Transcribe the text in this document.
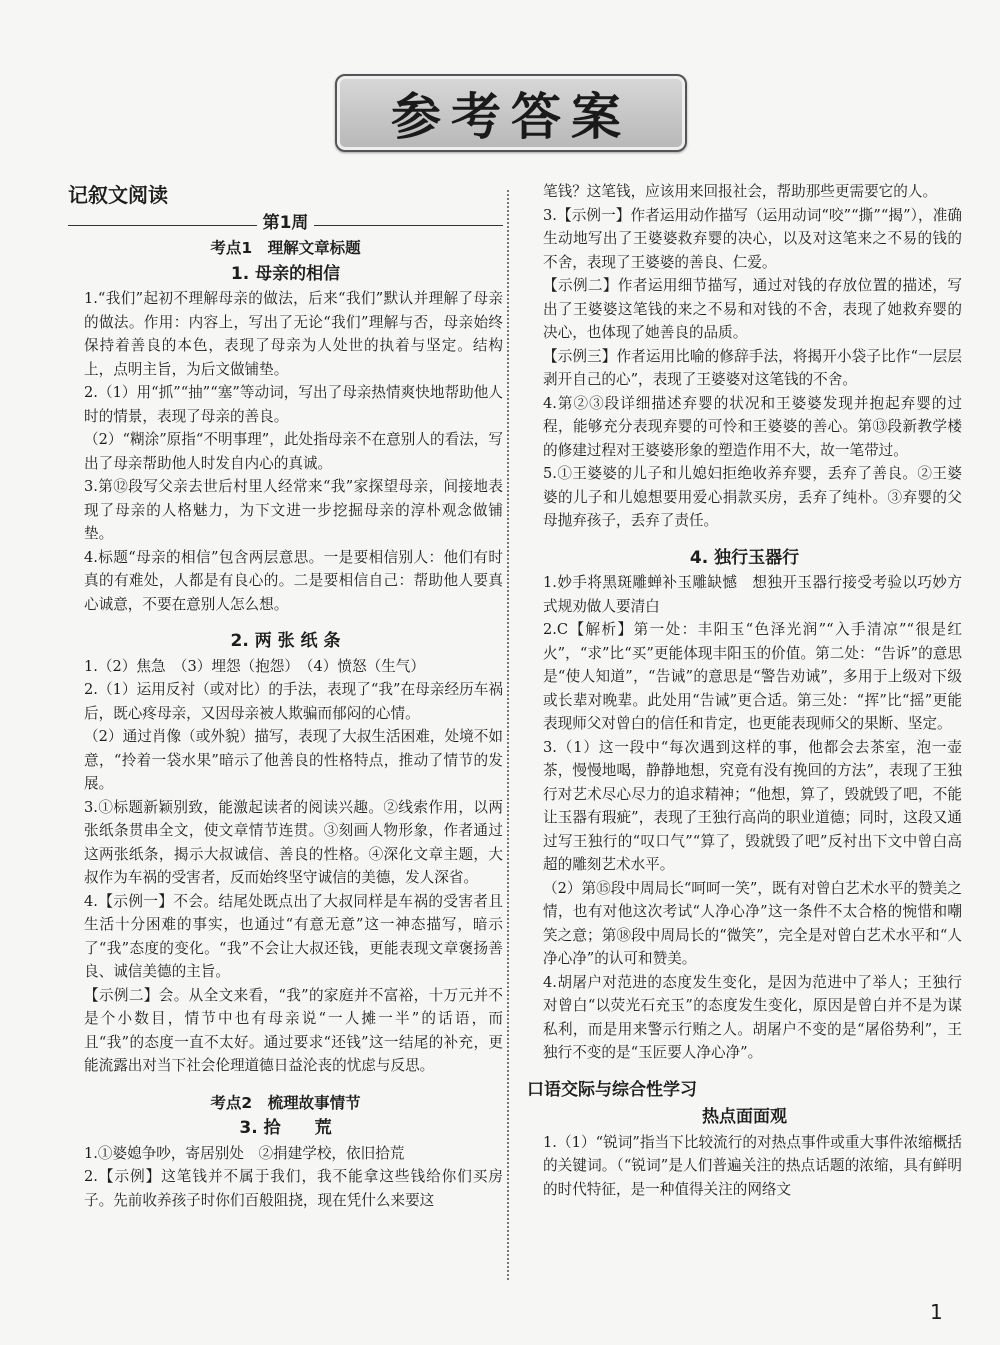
参考答案
记叙文阅读
第1周
考点1　理解文章标题
1. 母亲的相信

1.“我们”起初不理解母亲的做法，后来“我们”默认并理解了母亲的做法。作用：内容上，写出了无论“我们”理解与否，母亲始终保持着善良的本色，表现了母亲为人处世的执着与坚定。结构上，点明主旨，为后文做铺垫。

2.（1）用“抓”“抽”“塞”等动词，写出了母亲热情爽快地帮助他人时的情景，表现了母亲的善良。

（2）“糊涂”原指“不明事理”，此处指母亲不在意别人的看法，写出了母亲帮助他人时发自内心的真诚。

3.第⑫段写父亲去世后村里人经常来“我”家探望母亲，间接地表现了母亲的人格魅力，为下文进一步挖掘母亲的淳朴观念做铺垫。

4.标题“母亲的相信”包含两层意思。一是要相信别人：他们有时真的有难处，人都是有良心的。二是要相信自己：帮助他人要真心诚意，不要在意别人怎么想。

2. 两 张 纸 条

1.（2）焦急　（3）埋怨（抱怨）　（4）愤怒（生气）

2.（1）运用反衬（或对比）的手法，表现了“我”在母亲经历车祸后，既心疼母亲，又因母亲被人欺骗而郁闷的心情。

（2）通过肖像（或外貌）描写，表现了大叔生活困难，处境不如意，“拎着一袋水果”暗示了他善良的性格特点，推动了情节的发展。

3.①标题新颖别致，能激起读者的阅读兴趣。②线索作用，以两张纸条贯串全文，使文章情节连贯。③刻画人物形象，作者通过这两张纸条，揭示大叔诚信、善良的性格。④深化文章主题，大叔作为车祸的受害者，反而始终坚守诚信的美德，发人深省。

4.【示例一】不会。结尾处既点出了大叔同样是车祸的受害者且生活十分困难的事实，也通过“有意无意”这一神态描写，暗示了“我”态度的变化。“我”不会让大叔还钱，更能表现文章褒扬善良、诚信美德的主旨。

【示例二】会。从全文来看，“我”的家庭并不富裕，十万元并不是个小数目，情节中也有母亲说“一人摊一半”的话语，而且“我”的态度一直不太好。通过要求“还钱”这一结尾的补充，更能流露出对当下社会伦理道德日益沦丧的忧虑与反思。

考点2　梳理故事情节
3. 拾　　荒

1.①婆媳争吵，寄居别处　②捐建学校，依旧拾荒

2.【示例】这笔钱并不属于我们，我不能拿这些钱给你们买房子。先前收养孩子时你们百般阻挠，现在凭什么来要这

笔钱？这笔钱，应该用来回报社会，帮助那些更需要它的人。

3.【示例一】作者运用动作描写（运用动词“咬”“撕”“揭”），准确生动地写出了王婆婆救弃婴的决心，以及对这笔来之不易的钱的不舍，表现了王婆婆的善良、仁爱。

【示例二】作者运用细节描写，通过对钱的存放位置的描述，写出了王婆婆这笔钱的来之不易和对钱的不舍，表现了她救弃婴的决心，也体现了她善良的品质。

【示例三】作者运用比喻的修辞手法，将揭开小袋子比作“一层层剥开自己的心”，表现了王婆婆对这笔钱的不舍。

4.第②③段详细描述弃婴的状况和王婆婆发现并抱起弃婴的过程，能够充分表现弃婴的可怜和王婆婆的善心。第⑬段新教学楼的修建过程对王婆婆形象的塑造作用不大，故一笔带过。

5.①王婆婆的儿子和儿媳妇拒绝收养弃婴，丢弃了善良。②王婆婆的儿子和儿媳想要用爱心捐款买房，丢弃了纯朴。③弃婴的父母抛弃孩子，丢弃了责任。

4. 独行玉器行

1.妙手将黑斑雕蝉补玉雕缺憾　想独开玉器行接受考验以巧妙方式规劝做人要清白

2.C【解析】第一处：丰阳玉“色泽光润”“入手清凉”“很是红火”，“求”比“买”更能体现丰阳玉的价值。第二处：“告诉”的意思是“使人知道”，“告诫”的意思是“警告劝诫”，多用于上级对下级或长辈对晚辈。此处用“告诫”更合适。第三处：“挥”比“摇”更能表现师父对曾白的信任和肯定，也更能表现师父的果断、坚定。

3.（1）这一段中“每次遇到这样的事，他都会去茶室，泡一壶茶，慢慢地喝，静静地想，究竟有没有挽回的方法”，表现了王独行对艺术尽心尽力的追求精神；“他想，算了，毁就毁了吧，不能让玉器有瑕疵”，表现了王独行高尚的职业道德；同时，这段又通过写王独行的“叹口气”“算了，毁就毁了吧”反衬出下文中曾白高超的雕刻艺术水平。

（2）第⑮段中周局长“呵呵一笑”，既有对曾白艺术水平的赞美之情，也有对他这次考试“人净心净”这一条件不太合格的惋惜和嘲笑之意；第⑱段中周局长的“微笑”，完全是对曾白艺术水平和“人净心净”的认可和赞美。

4.胡屠户对范进的态度发生变化，是因为范进中了举人；王独行对曾白“以荧光石充玉”的态度发生变化，原因是曾白并不是为谋私利，而是用来警示行贿之人。胡屠户不变的是“屠俗势利”，王独行不变的是“玉匠要人净心净”。

口语交际与综合性学习
热点面面观

1.（1）“锐词”指当下比较流行的对热点事件或重大事件浓缩概括的关键词。（“锐词”是人们普遍关注的热点话题的浓缩，具有鲜明的时代特征，是一种值得关注的网络文

1
